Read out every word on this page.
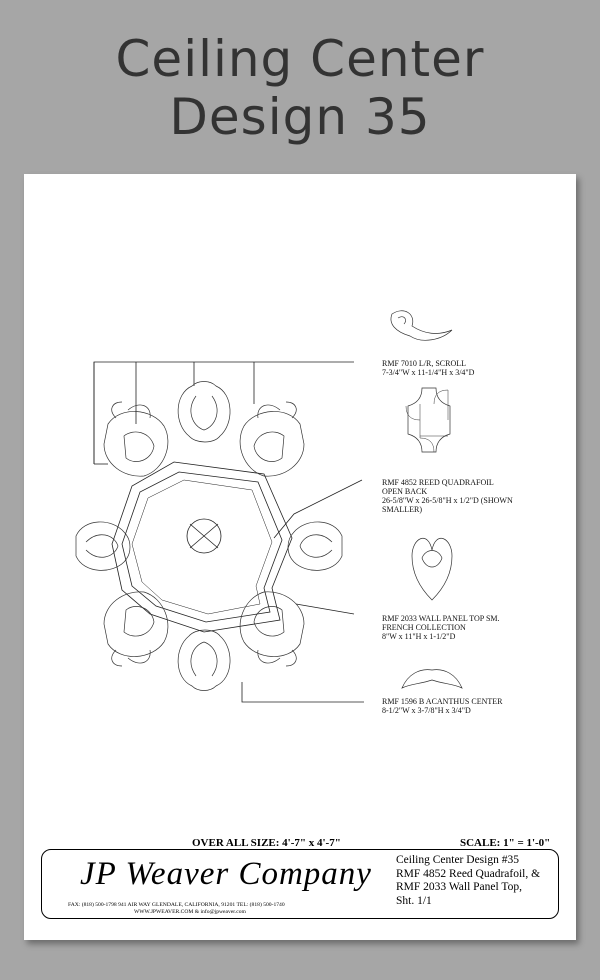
Ceiling Center
Design 35
RMF 7010 L/R, SCROLL
7-3/4"W x 11-1/4"H x 3/4"D
RMF 4852 REED QUADRAFOIL
OPEN BACK
26-5/8"W x 26-5/8"H x 1/2"D (SHOWN
SMALLER)
RMF 2033 WALL PANEL TOP SM.
FRENCH COLLECTION
8"W x 11"H x 1-1/2"D
RMF 1596 B ACANTHUS CENTER
8-1/2"W x 3-7/8"H x 3/4"D
OVER ALL SIZE: 4'-7" x 4'-7"	SCALE: 1" = 1'-0"
JP Weaver Company
FAX: (818) 500-1798 941 AIR WAY GLENDALE, CALIFORNIA, 91201 TEL: (818) 500-1740
WWW.JPWEAVER.COM & info@jpweaver.com
Ceiling Center Design #35
RMF 4852 Reed Quadrafoil, &
RMF 2033 Wall Panel Top,
Sht. 1/1
